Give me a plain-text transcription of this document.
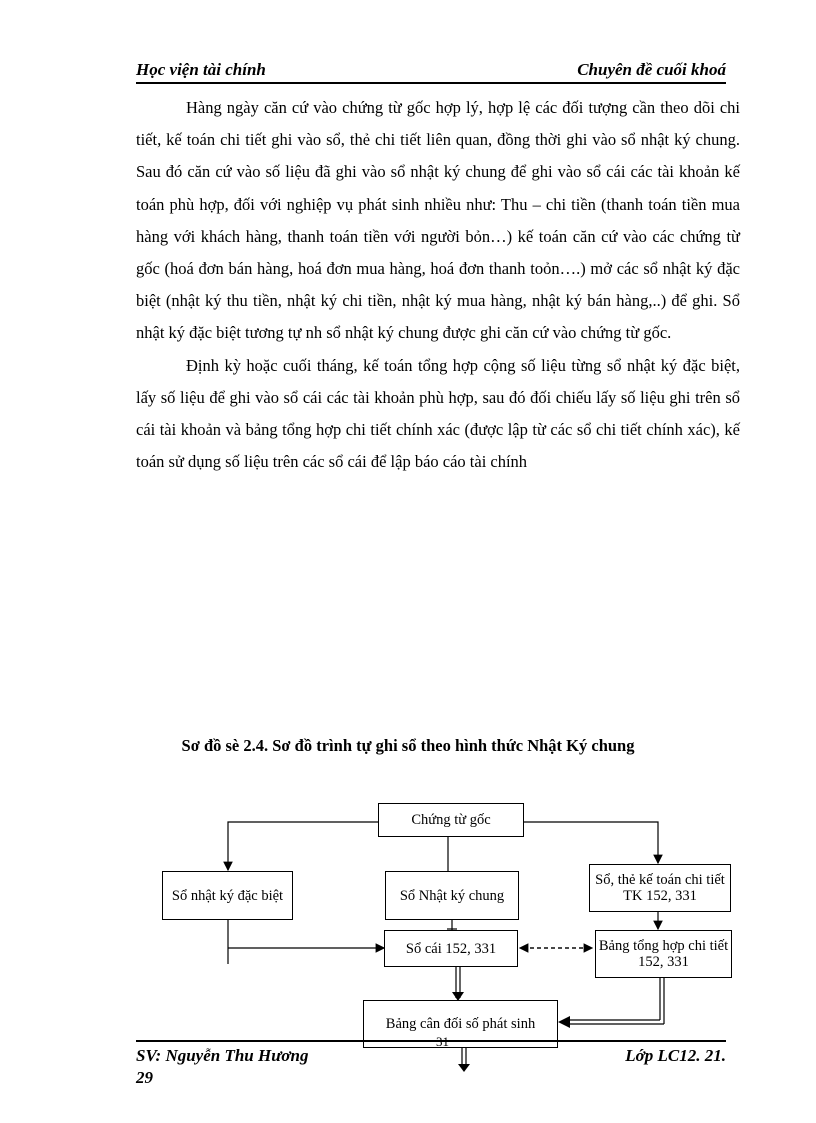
Học viện tài chính	Chuyên đề cuối khoá

Hàng ngày căn cứ vào chứng từ gốc hợp lý, hợp lệ các đối tượng cần theo dõi chi tiết, kế toán chi tiết ghi vào sổ, thẻ chi tiết liên quan, đồng thời ghi vào sổ nhật ký chung. Sau đó căn cứ vào số liệu đã ghi vào sổ nhật ký chung để ghi vào sổ cái các tài khoản kế toán phù hợp, đối với nghiệp vụ phát sinh nhiều như: Thu – chi tiền (thanh toán tiền mua hàng với khách hàng, thanh toán tiền với người bỏn…) kế toán căn cứ vào các chứng từ gốc (hoá đơn bán hàng, hoá đơn mua hàng, hoá đơn thanh toỏn….) mở các sổ nhật ký đặc biệt (nhật ký thu tiền, nhật ký chi tiền, nhật ký mua hàng, nhật ký bán hàng,..) để ghi. Sổ nhật ký đặc biệt tương tự nh sổ nhật ký chung được ghi căn cứ vào chứng từ gốc.

Định kỳ hoặc cuối tháng, kế toán tổng hợp cộng số liệu từng sổ nhật ký đặc biệt, lấy số liệu để ghi vào sổ cái các tài khoản phù hợp, sau đó đối chiếu lấy số liệu ghi trên sổ cái tài khoản và bảng tổng hợp chi tiết chính xác (được lập từ các sổ chi tiết chính xác), kế toán sử dụng số liệu trên các sổ cái để lập báo cáo tài chính

Sơ đồ sè 2.4. Sơ đồ trình tự ghi sổ theo hình thức Nhật Ký chung
Chứng từ gốc
Sổ nhật ký đặc biệt	Sổ Nhật ký chung
Sổ, thẻ kế toán chi tiết TK 152, 331
Sổ cái 152, 331	Bảng tổng hợp chi tiết 152, 331
Bảng cân đối số phát sinh
SV: Nguyễn Thu Hương
31
Lớp LC12. 21.
29
